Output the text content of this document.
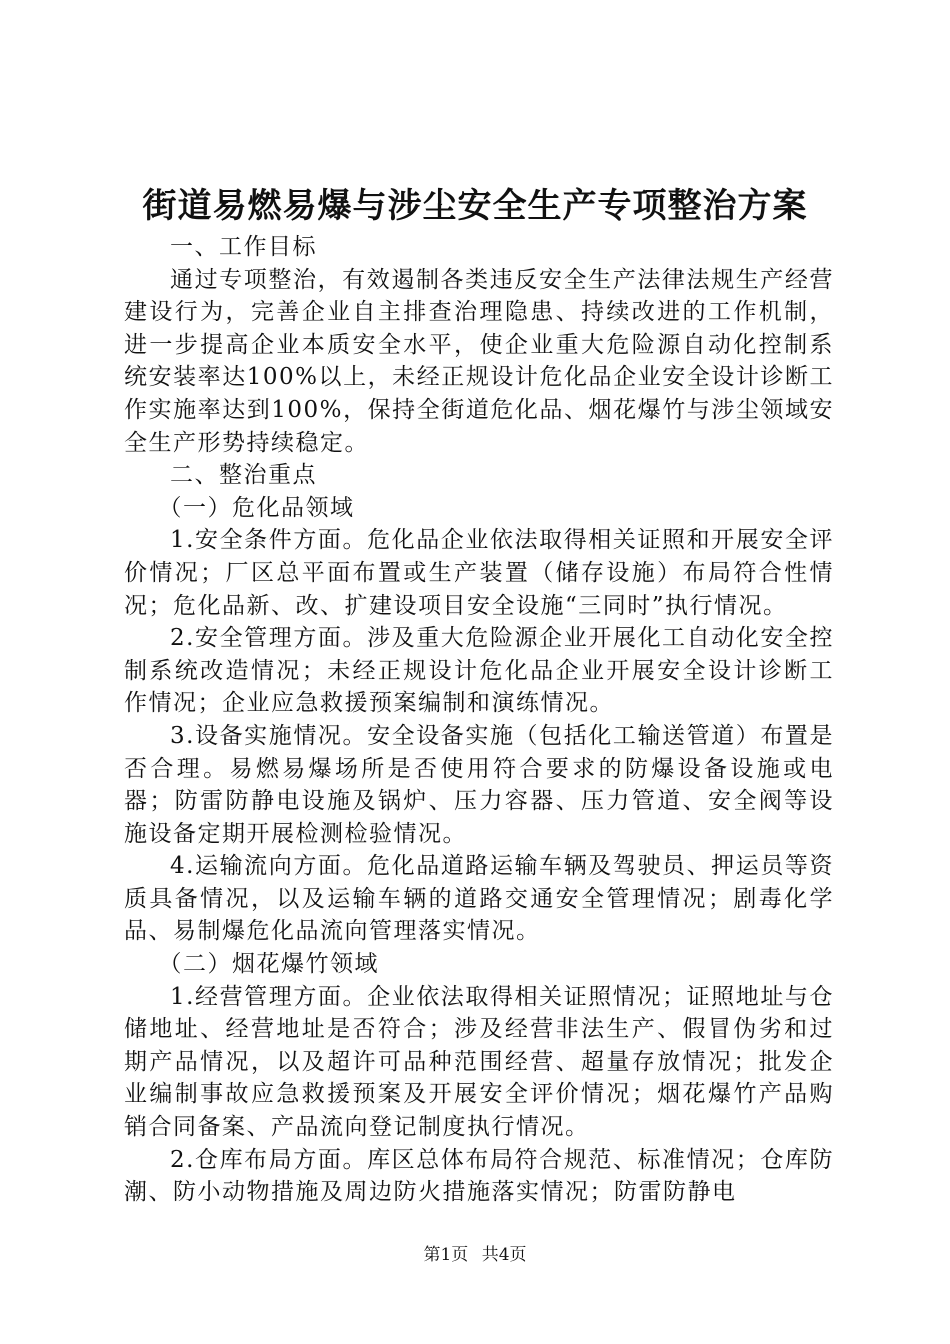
街道易燃易爆与涉尘安全生产专项整治方案

一、工作目标

通过专项整治，有效遏制各类违反安全生产法律法规生产经营建设行为，完善企业自主排查治理隐患、持续改进的工作机制，进一步提高企业本质安全水平，使企业重大危险源自动化控制系统安装率达100%以上，未经正规设计危化品企业安全设计诊断工作实施率达到100%，保持全街道危化品、烟花爆竹与涉尘领域安全生产形势持续稳定。

二、整治重点

（一）危化品领域

1.安全条件方面。危化品企业依法取得相关证照和开展安全评价情况；厂区总平面布置或生产装置（储存设施）布局符合性情况；危化品新、改、扩建设项目安全设施“三同时”执行情况。

2.安全管理方面。涉及重大危险源企业开展化工自动化安全控制系统改造情况；未经正规设计危化品企业开展安全设计诊断工作情况；企业应急救援预案编制和演练情况。

3.设备实施情况。安全设备实施（包括化工输送管道）布置是否合理。易燃易爆场所是否使用符合要求的防爆设备设施或电器；防雷防静电设施及锅炉、压力容器、压力管道、安全阀等设施设备定期开展检测检验情况。

4.运输流向方面。危化品道路运输车辆及驾驶员、押运员等资质具备情况，以及运输车辆的道路交通安全管理情况；剧毒化学品、易制爆危化品流向管理落实情况。

（二）烟花爆竹领域

1.经营管理方面。企业依法取得相关证照情况；证照地址与仓储地址、经营地址是否符合；涉及经营非法生产、假冒伪劣和过期产品情况，以及超许可品种范围经营、超量存放情况；批发企业编制事故应急救援预案及开展安全评价情况；烟花爆竹产品购销合同备案、产品流向登记制度执行情况。

2.仓库布局方面。库区总体布局符合规范、标准情况；仓库防潮、防小动物措施及周边防火措施落实情况；防雷防静电

第1页 共4页
